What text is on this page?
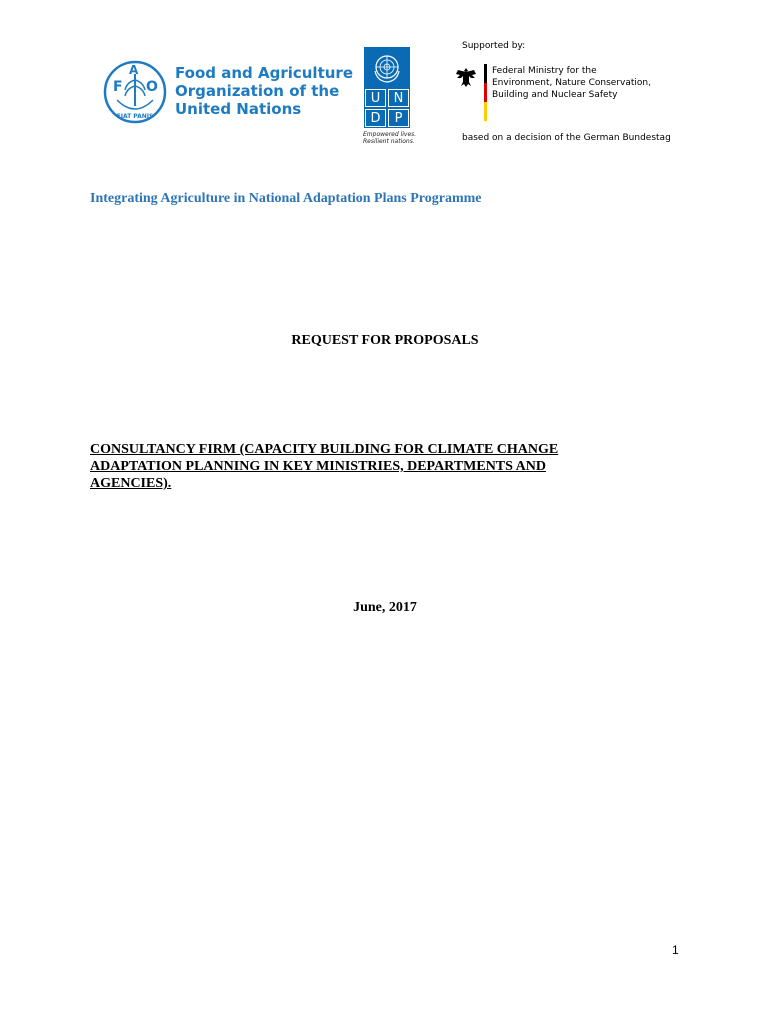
F
A
O
FIAT PANIS
Food and Agriculture
Organization of the
United Nations
U	N
D	P
Empowered lives.
Resilient nations.
Supported by:
Federal Ministry for the
Environment, Nature Conservation,
Building and Nuclear Safety
based on a decision of the German Bundestag
Integrating Agriculture in National Adaptation Plans Programme
REQUEST FOR PROPOSALS
CONSULTANCY FIRM (CAPACITY BUILDING FOR CLIMATE CHANGE
ADAPTATION PLANNING IN KEY MINISTRIES, DEPARTMENTS AND
AGENCIES).
June, 2017
1
